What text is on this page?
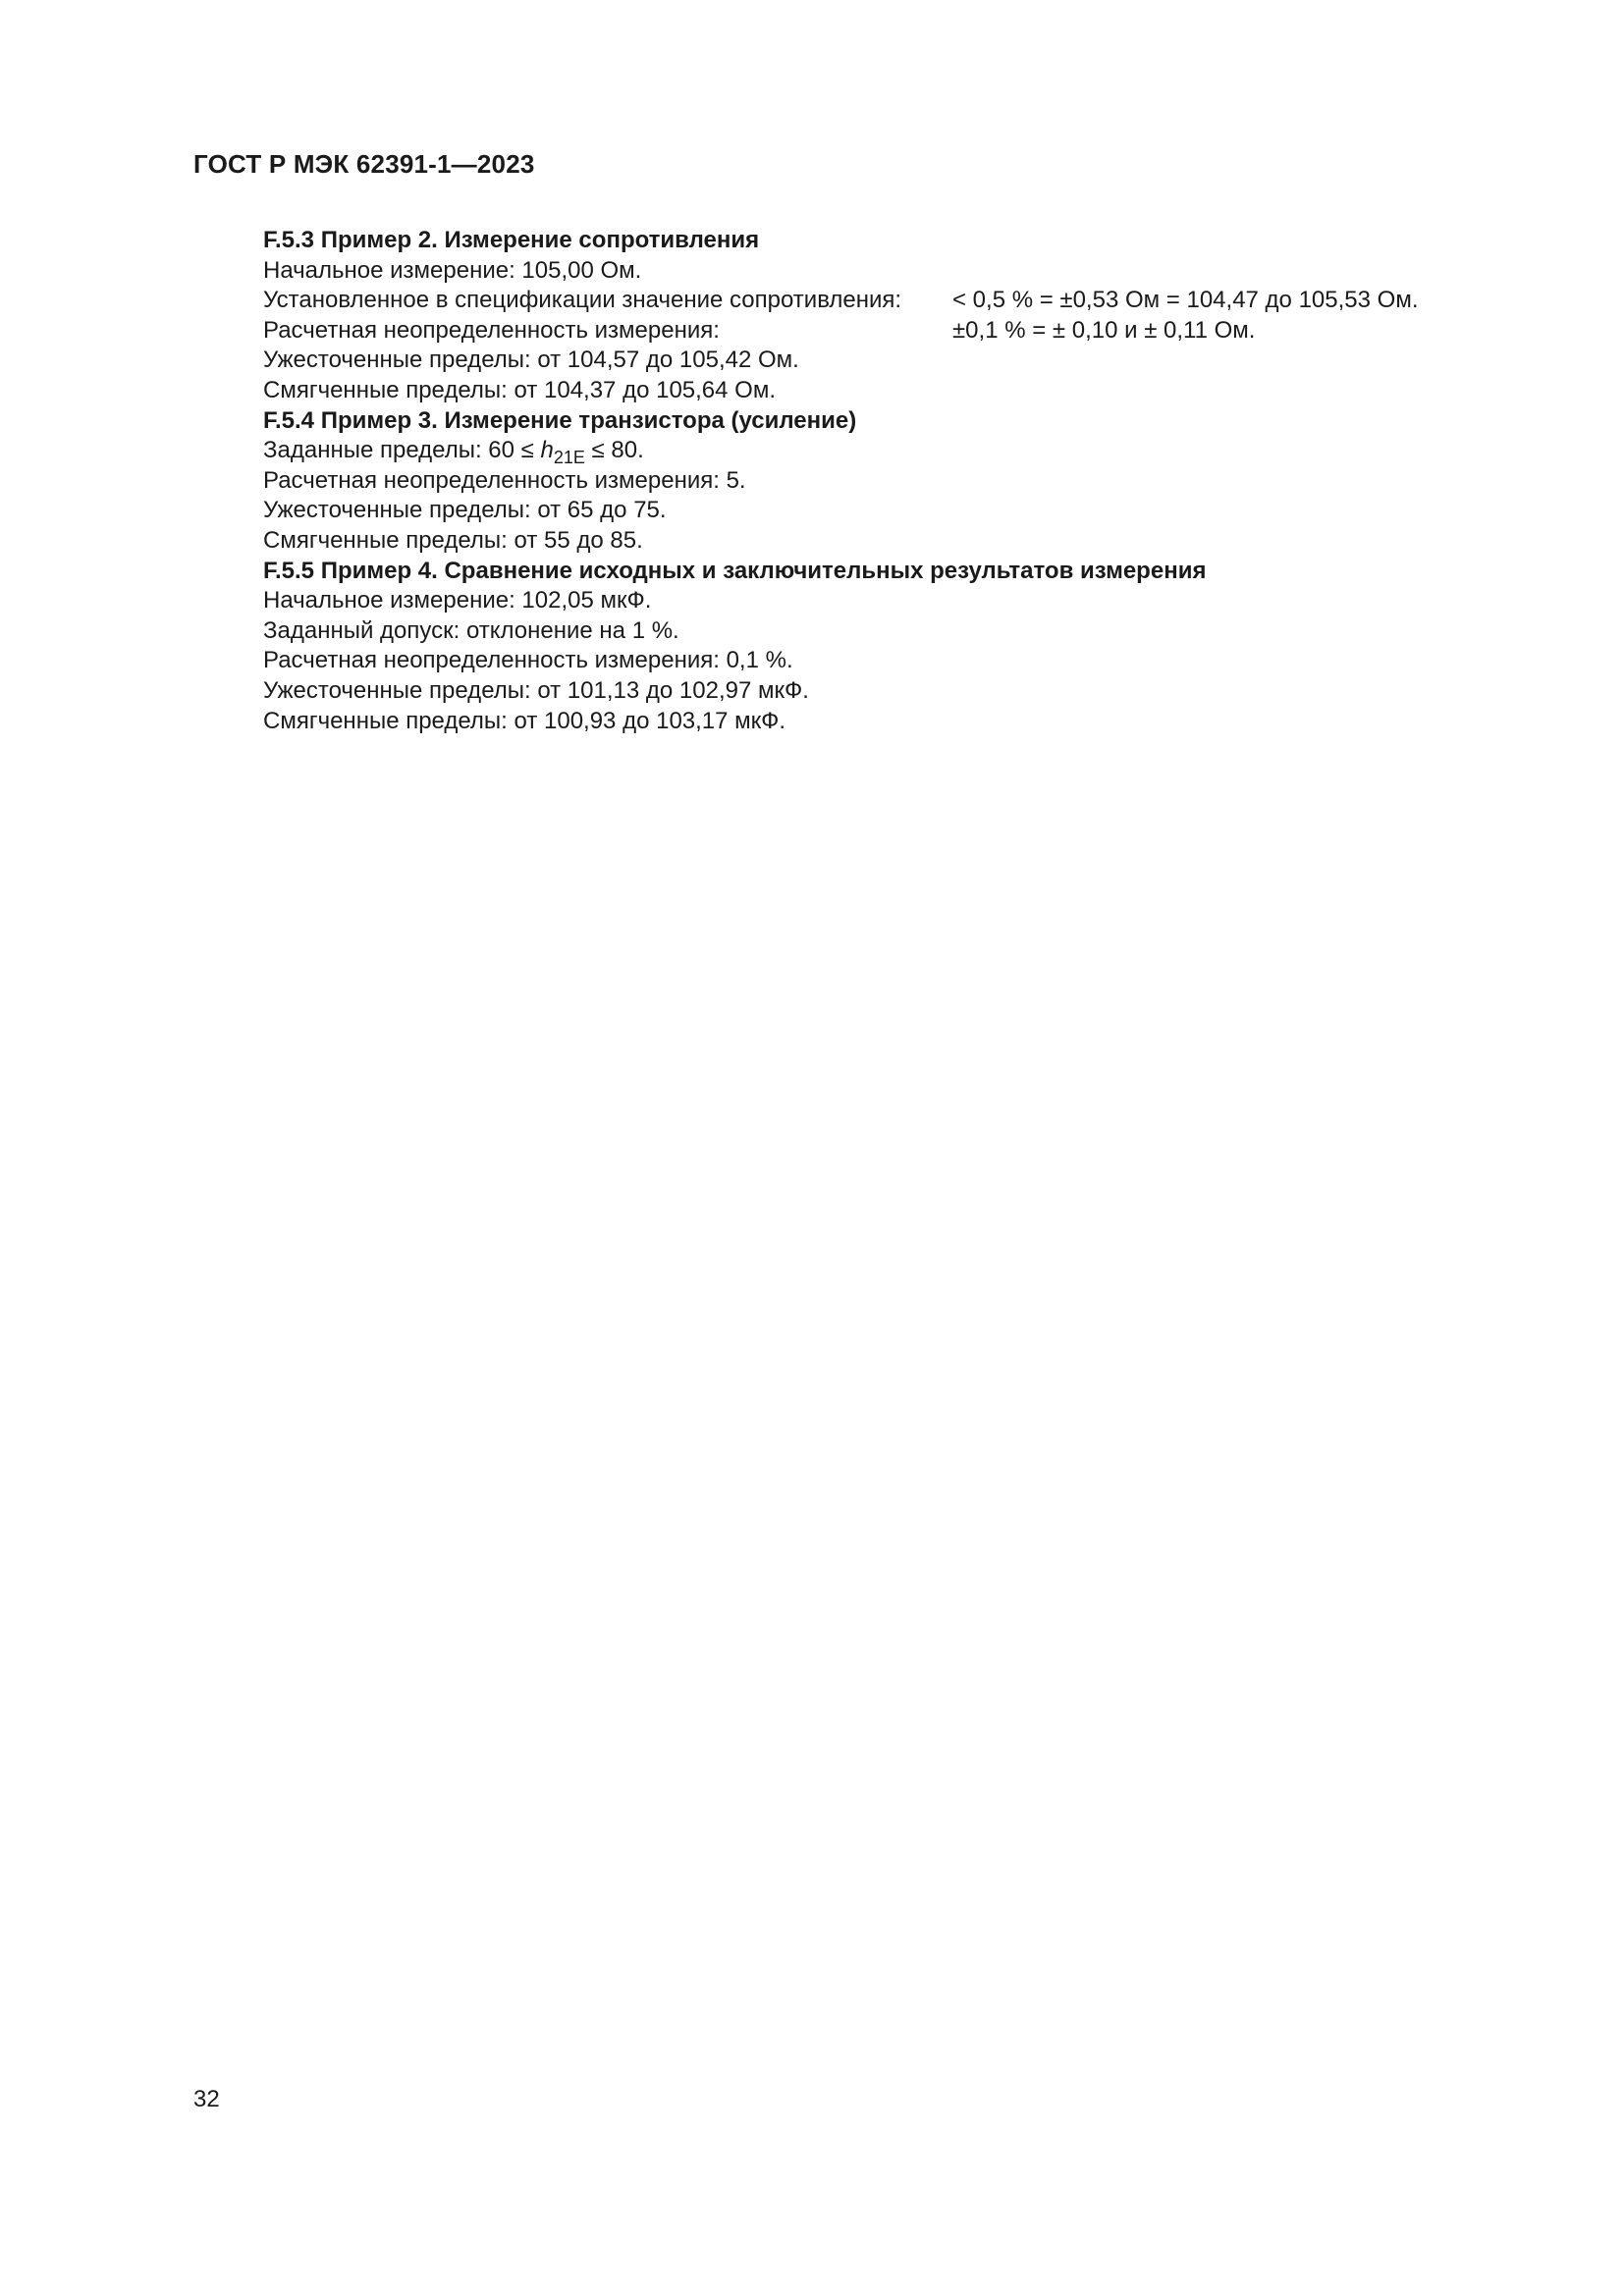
ГОСТ Р МЭК 62391-1—2023
F.5.3 Пример 2. Измерение сопротивления
Начальное измерение: 105,00 Ом.
Установленное в спецификации значение сопротивления: < 0,5 % = ±0,53 Ом = 104,47 до 105,53 Ом.
Расчетная неопределенность измерения:	±0,1 % = ± 0,10 и ± 0,11 Ом.
Ужесточенные пределы: от 104,57 до 105,42 Ом.
Смягченные пределы: от 104,37 до 105,64 Ом.
F.5.4 Пример 3. Измерение транзистора (усиление)
Заданные пределы: $60 \le h_{21E} \le 80$.
Расчетная неопределенность измерения: 5.
Ужесточенные пределы: от 65 до 75.
Смягченные пределы: от 55 до 85.
F.5.5 Пример 4. Сравнение исходных и заключительных результатов измерения
Начальное измерение: 102,05 мкФ.
Заданный допуск: отклонение на 1 %.
Расчетная неопределенность измерения: 0,1 %.
Ужесточенные пределы: от 101,13 до 102,97 мкФ.
Смягченные пределы: от 100,93 до 103,17 мкФ.
32
